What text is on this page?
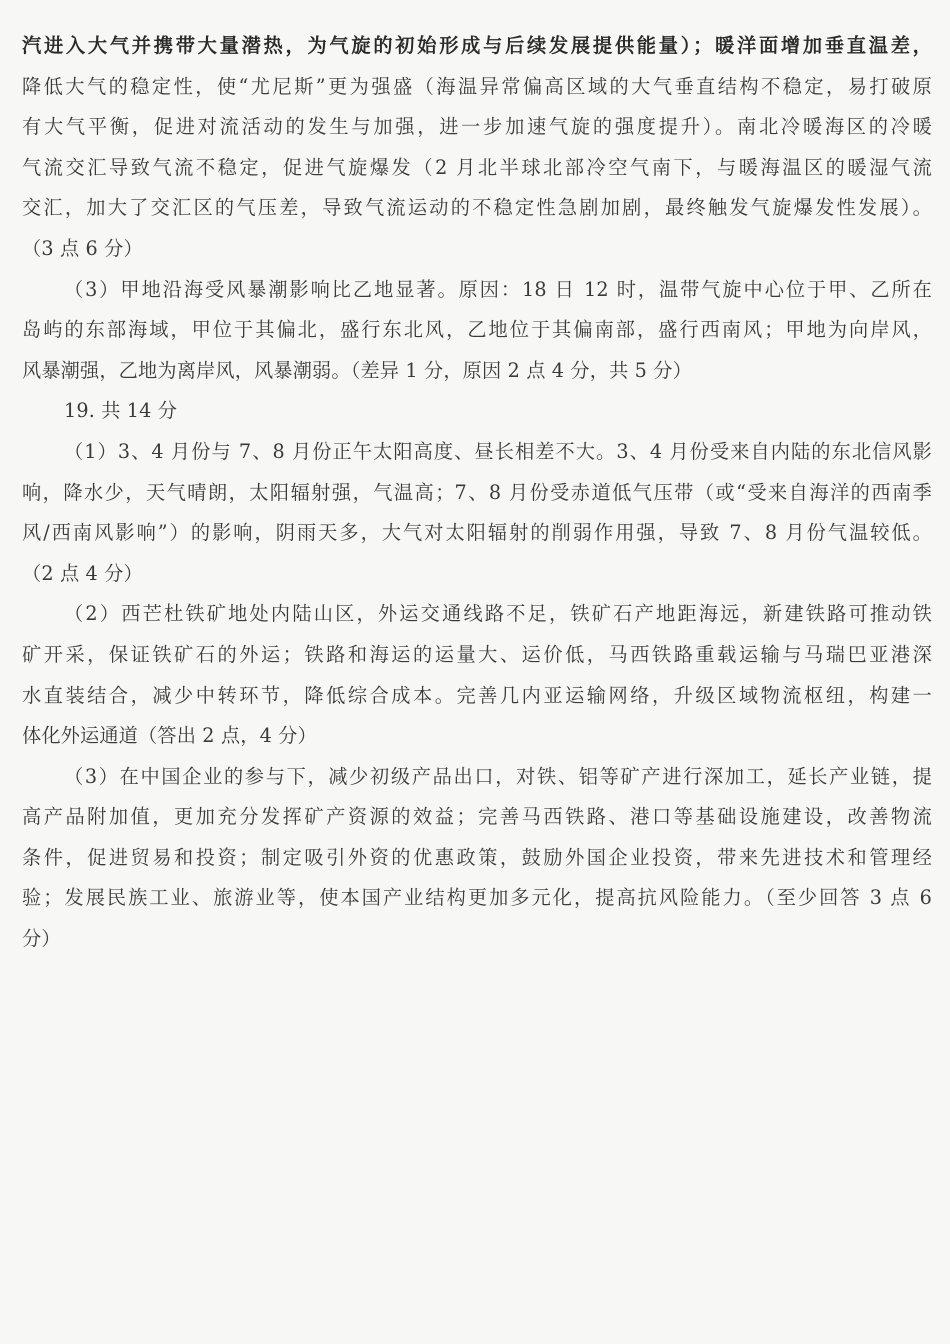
汽进入大气并携带大量潜热，为气旋的初始形成与后续发展提供能量）；暖洋面增加垂直温差，
降低大气的稳定性，使“尤尼斯”更为强盛（海温异常偏高区域的大气垂直结构不稳定，易打破原
有大气平衡，促进对流活动的发生与加强，进一步加速气旋的强度提升）。南北冷暖海区的冷暖
气流交汇导致气流不稳定，促进气旋爆发（2 月北半球北部冷空气南下，与暖海温区的暖湿气流
交汇，加大了交汇区的气压差，导致气流运动的不稳定性急剧加剧，最终触发气旋爆发性发展）。
（3 点 6 分）
（3）甲地沿海受风暴潮影响比乙地显著。原因：18 日 12 时，温带气旋中心位于甲、乙所在
岛屿的东部海域，甲位于其偏北，盛行东北风，乙地位于其偏南部，盛行西南风；甲地为向岸风，
风暴潮强，乙地为离岸风，风暴潮弱。（差异 1 分，原因 2 点 4 分，共 5 分）
19. 共 14 分
（1）3、4 月份与 7、8 月份正午太阳高度、昼长相差不大。3、4 月份受来自内陆的东北信风影
响，降水少，天气晴朗，太阳辐射强，气温高；7、8 月份受赤道低气压带（或“受来自海洋的西南季
风/西南风影响”）的影响，阴雨天多，大气对太阳辐射的削弱作用强，导致 7、8 月份气温较低。
（2 点 4 分）
（2）西芒杜铁矿地处内陆山区，外运交通线路不足，铁矿石产地距海远，新建铁路可推动铁
矿开采，保证铁矿石的外运；铁路和海运的运量大、运价低，马西铁路重载运输与马瑞巴亚港深
水直装结合，减少中转环节，降低综合成本。完善几内亚运输网络，升级区域物流枢纽，构建一
体化外运通道（答出 2 点，4 分）
（3）在中国企业的参与下，减少初级产品出口，对铁、铝等矿产进行深加工，延长产业链，提
高产品附加值，更加充分发挥矿产资源的效益；完善马西铁路、港口等基础设施建设，改善物流
条件，促进贸易和投资；制定吸引外资的优惠政策，鼓励外国企业投资，带来先进技术和管理经
验；发展民族工业、旅游业等，使本国产业结构更加多元化，提高抗风险能力。（至少回答 3 点 6
分）
